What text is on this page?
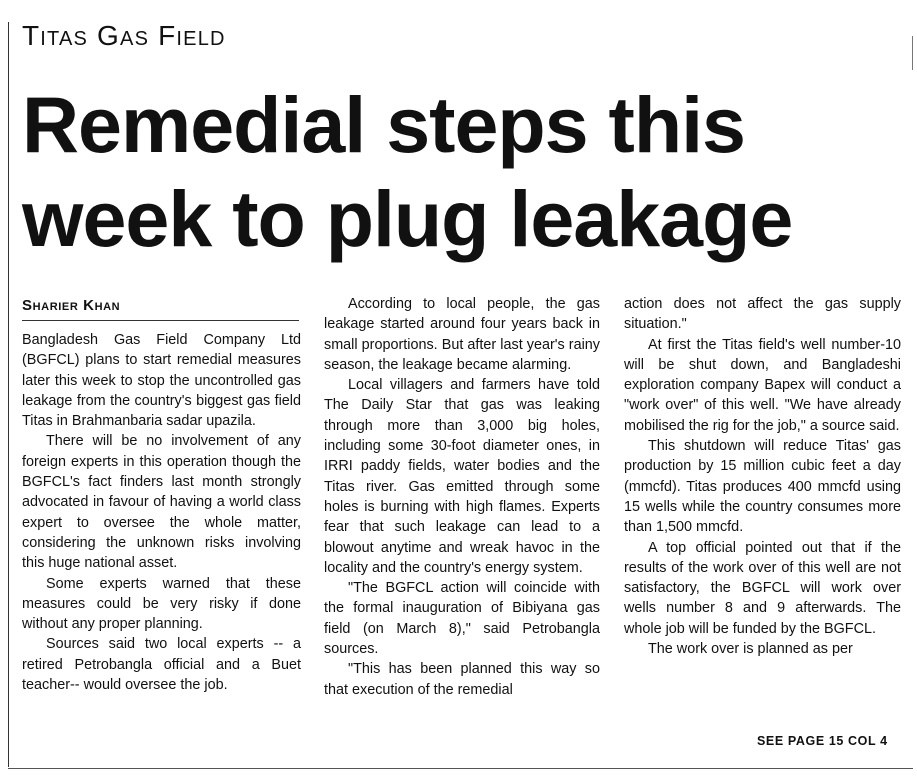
Titas Gas Field
Remedial steps this
week to plug leakage
Sharier Khan

Bangladesh Gas Field Company Ltd (BGFCL) plans to start remedial measures later this week to stop the uncontrolled gas leakage from the country's biggest gas field Titas in Brahmanbaria sadar upazila.

There will be no involvement of any foreign experts in this operation though the BGFCL's fact finders last month strongly advocated in favour of having a world class expert to oversee the whole matter, considering the unknown risks involving this huge national asset.

Some experts warned that these measures could be very risky if done without any proper planning.

Sources said two local experts -- a retired Petrobangla official and a Buet teacher-- would oversee the job.

According to local people, the gas leakage started around four years back in small proportions. But after last year's rainy season, the leakage became alarming.

Local villagers and farmers have told The Daily Star that gas was leaking through more than 3,000 big holes, including some 30-foot diameter ones, in IRRI paddy fields, water bodies and the Titas river. Gas emitted through some holes is burning with high flames. Experts fear that such leakage can lead to a blowout anytime and wreak havoc in the locality and the country's energy system.

"The BGFCL action will coincide with the formal inauguration of Bibiyana gas field (on March 8)," said Petrobangla sources.

"This has been planned this way so that execution of the remedial

action does not affect the gas supply situation."

At first the Titas field's well number-10 will be shut down, and Bangladeshi exploration company Bapex will conduct a "work over" of this well. "We have already mobilised the rig for the job," a source said.

This shutdown will reduce Titas' gas production by 15 million cubic feet a day (mmcfd). Titas produces 400 mmcfd using 15 wells while the country consumes more than 1,500 mmcfd.

A top official pointed out that if the results of the work over of this well are not satisfactory, the BGFCL will work over wells number 8 and 9 afterwards. The whole job will be funded by the BGFCL.

The work over is planned as per

SEE PAGE 15 COL 4
